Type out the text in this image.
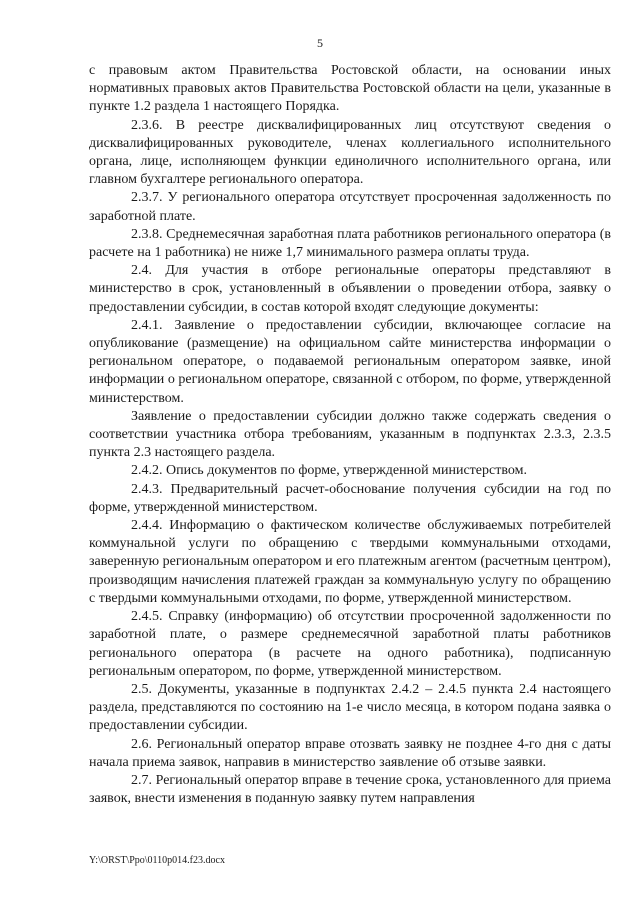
5

с правовым актом Правительства Ростовской области, на основании иных нормативных правовых актов Правительства Ростовской области на цели, указанные в пункте 1.2 раздела 1 настоящего Порядка.

2.3.6. В реестре дисквалифицированных лиц отсутствуют сведения о дисквалифицированных руководителе, членах коллегиального исполнительного органа, лице, исполняющем функции единоличного исполнительного органа, или главном бухгалтере регионального оператора.

2.3.7. У регионального оператора отсутствует просроченная задолженность по заработной плате.

2.3.8. Среднемесячная заработная плата работников регионального оператора (в расчете на 1 работника) не ниже 1,7 минимального размера оплаты труда.

2.4. Для участия в отборе региональные операторы представляют в министерство в срок, установленный в объявлении о проведении отбора, заявку о предоставлении субсидии, в состав которой входят следующие документы:

2.4.1. Заявление о предоставлении субсидии, включающее согласие на опубликование (размещение) на официальном сайте министерства информации о региональном операторе, о подаваемой региональным оператором заявке, иной информации о региональном операторе, связанной с отбором, по форме, утвержденной министерством.

Заявление о предоставлении субсидии должно также содержать сведения о соответствии участника отбора требованиям, указанным в подпунктах 2.3.3, 2.3.5 пункта 2.3 настоящего раздела.

2.4.2. Опись документов по форме, утвержденной министерством.

2.4.3. Предварительный расчет-обоснование получения субсидии на год по форме, утвержденной министерством.

2.4.4. Информацию о фактическом количестве обслуживаемых потребителей коммунальной услуги по обращению с твердыми коммунальными отходами, заверенную региональным оператором и его платежным агентом (расчетным центром), производящим начисления платежей граждан за коммунальную услугу по обращению с твердыми коммунальными отходами, по форме, утвержденной министерством.

2.4.5. Справку (информацию) об отсутствии просроченной задолженности по заработной плате, о размере среднемесячной заработной платы работников регионального оператора (в расчете на одного работника), подписанную региональным оператором, по форме, утвержденной министерством.

2.5. Документы, указанные в подпунктах 2.4.2 – 2.4.5 пункта 2.4 настоящего раздела, представляются по состоянию на 1-е число месяца, в котором подана заявка о предоставлении субсидии.

2.6. Региональный оператор вправе отозвать заявку не позднее 4-го дня с даты начала приема заявок, направив в министерство заявление об отзыве заявки.

2.7. Региональный оператор вправе в течение срока, установленного для приема заявок, внести изменения в поданную заявку путем направления

Y:\ORST\Ppo\0110p014.f23.docx
